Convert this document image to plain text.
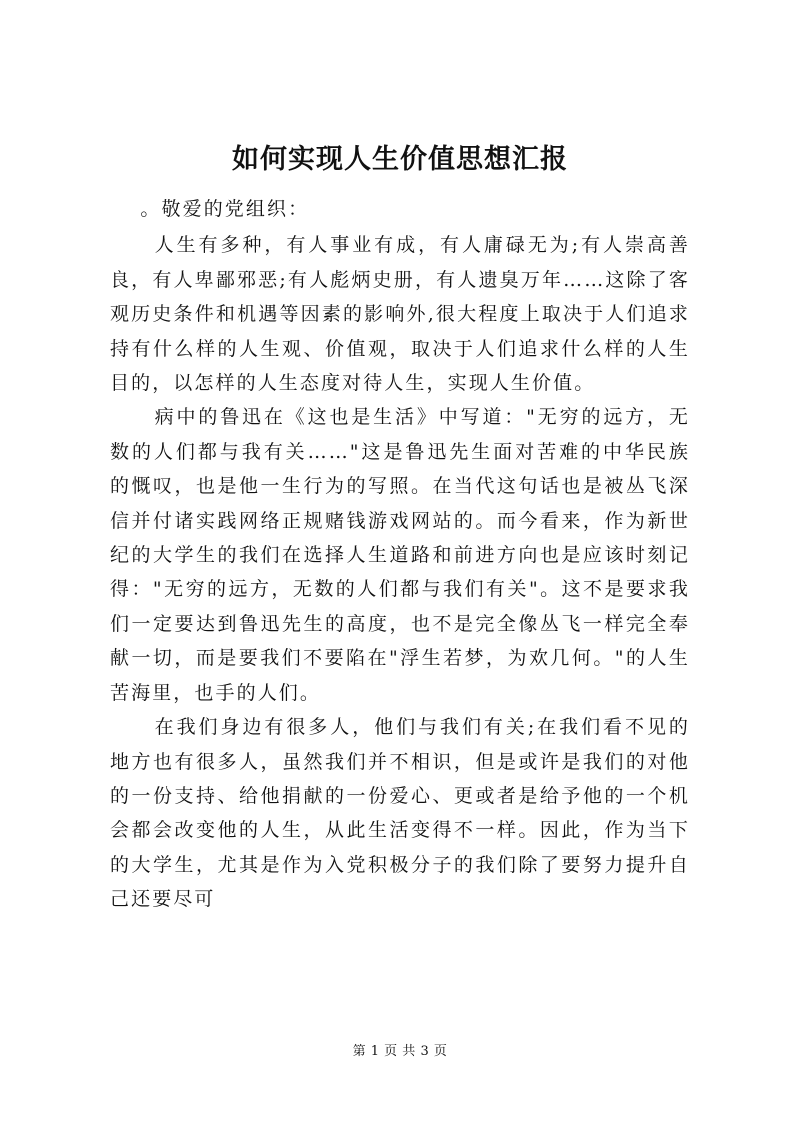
如何实现人生价值思想汇报

。敬爱的党组织：

人生有多种，有人事业有成，有人庸碌无为;有人崇高善良，有人卑鄙邪恶;有人彪炳史册，有人遗臭万年……这除了客观历史条件和机遇等因素的影响外,很大程度上取决于人们追求持有什么样的人生观、价值观，取决于人们追求什么样的人生目的，以怎样的人生态度对待人生，实现人生价值。

病中的鲁迅在《这也是生活》中写道："无穷的远方，无数的人们都与我有关……"这是鲁迅先生面对苦难的中华民族的慨叹，也是他一生行为的写照。在当代这句话也是被丛飞深信并付诸实践网络正规赌钱游戏网站的。而今看来，作为新世纪的大学生的我们在选择人生道路和前进方向也是应该时刻记得："无穷的远方，无数的人们都与我们有关"。这不是要求我们一定要达到鲁迅先生的高度，也不是完全像丛飞一样完全奉献一切，而是要我们不要陷在"浮生若梦，为欢几何。"的人生苦海里，也手的人们。

在我们身边有很多人，他们与我们有关;在我们看不见的地方也有很多人，虽然我们并不相识，但是或许是我们的对他的一份支持、给他捐献的一份爱心、更或者是给予他的一个机会都会改变他的人生，从此生活变得不一样。因此，作为当下的大学生，尤其是作为入党积极分子的我们除了要努力提升自己还要尽可

第 1 页 共 3 页
